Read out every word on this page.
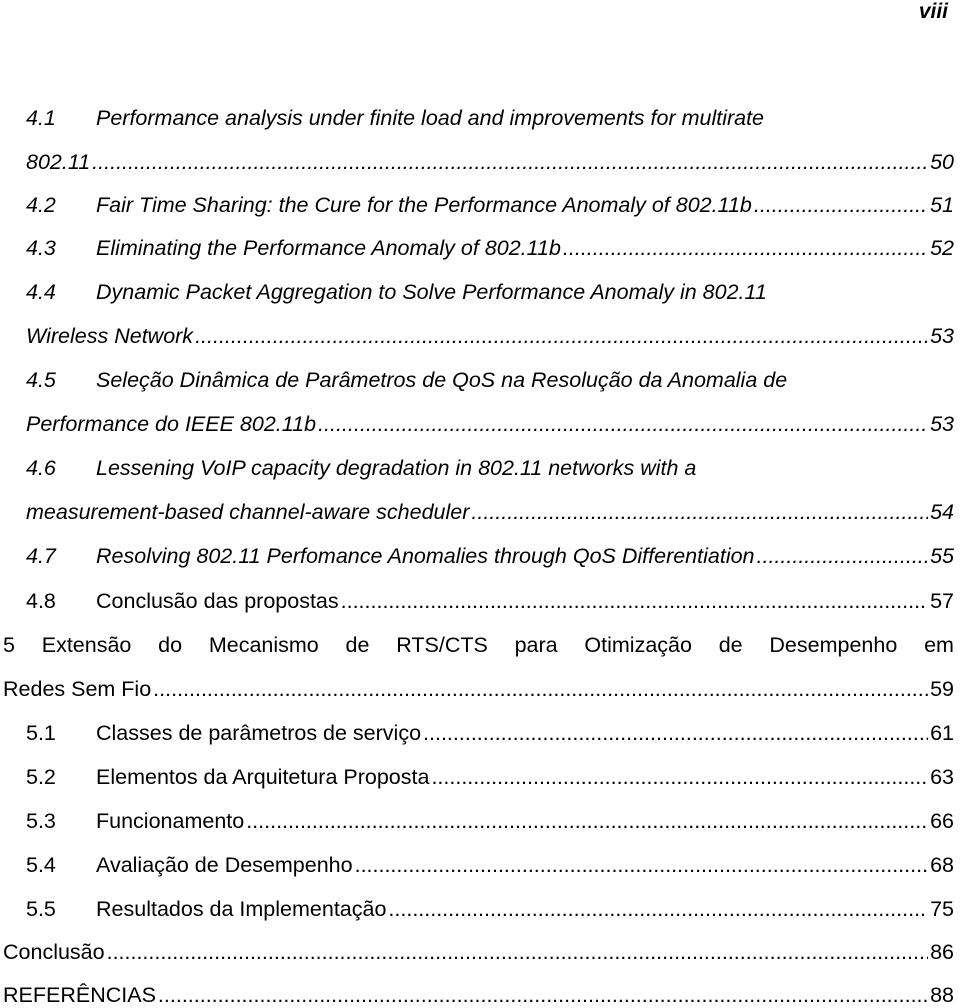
viii
4.1 Performance analysis under finite load and improvements for multirate
802.11 .....	50
4.2	Fair Time Sharing: the Cure for the Performance Anomaly of 802.11b .....	51
4.3	Eliminating the Performance Anomaly of 802.11b .....	52
4.4 Dynamic Packet Aggregation to Solve Performance Anomaly in 802.11
Wireless Network .....	53
4.5 Seleção Dinâmica de Parâmetros de QoS na Resolução da Anomalia de
Performance do IEEE 802.11b .....	53
4.6 Lessening VoIP capacity degradation in 802.11 networks with a
measurement-based channel-aware scheduler .....	54
4.7	Resolving 802.11 Perfomance Anomalies through QoS Differentiation .....	55
4.8	Conclusão das propostas .....	57
5 Extensão do Mecanismo de RTS/CTS para Otimização de Desempenho em
Redes Sem Fio .....	59
5.1	Classes de parâmetros de serviço .....	61
5.2	Elementos da Arquitetura Proposta .....	63
5.3	Funcionamento .....	66
5.4	Avaliação de Desempenho .....	68
5.5	Resultados da Implementação .....	75
Conclusão .....	86
REFERÊNCIAS .....	88
